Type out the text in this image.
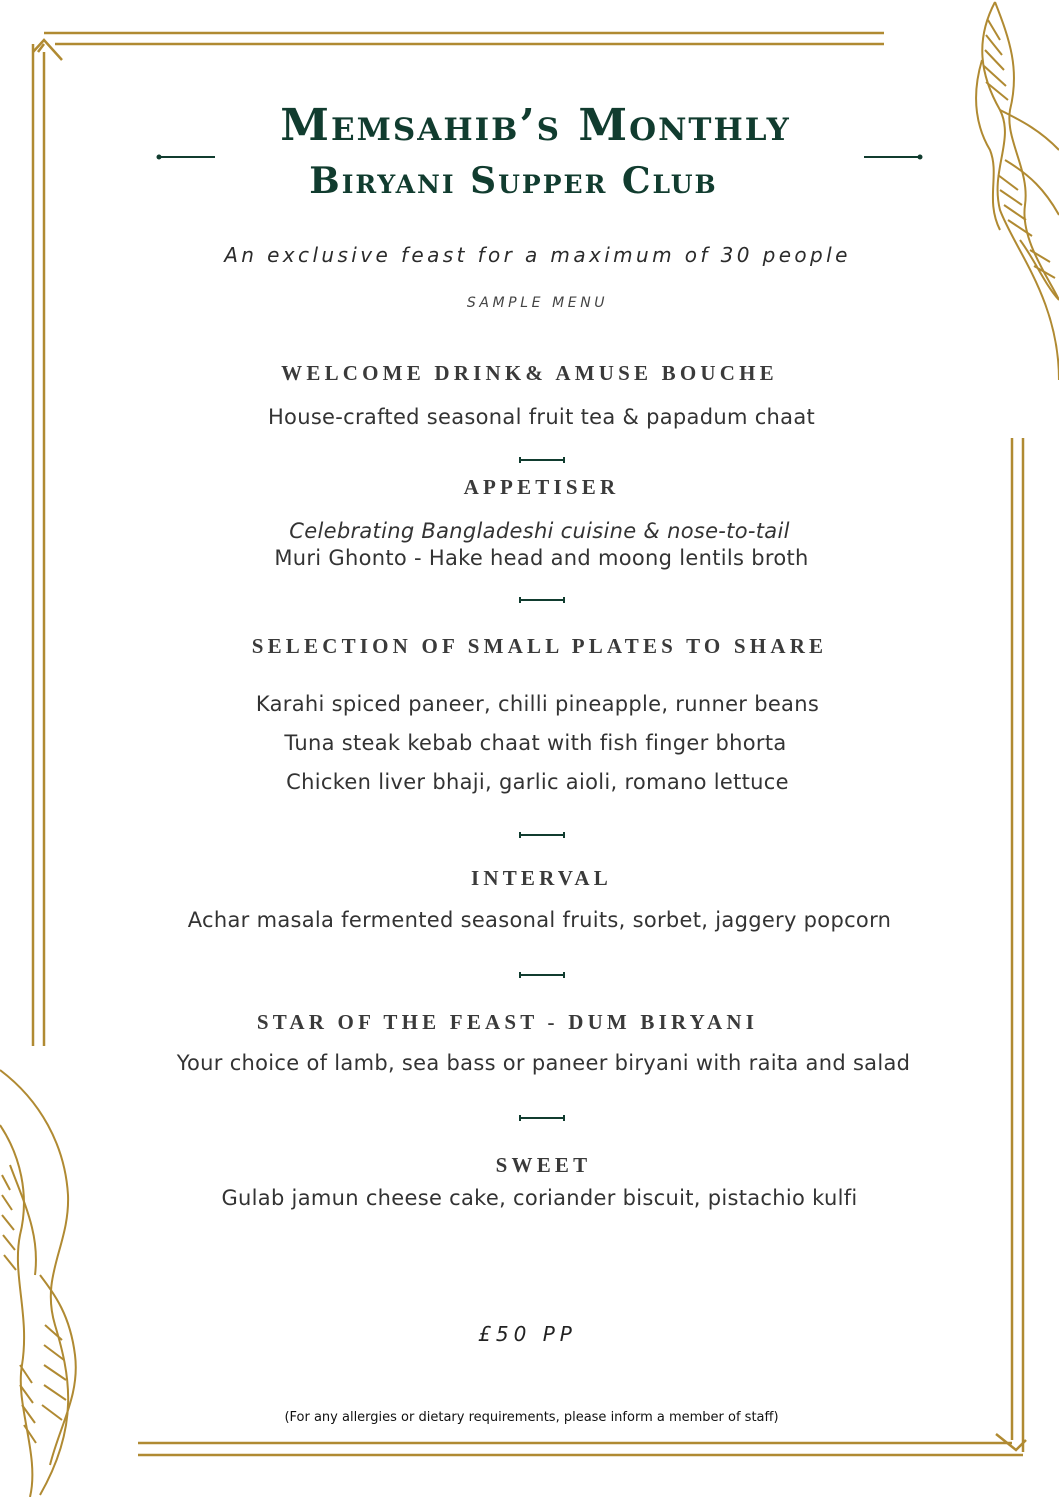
Memsahib’s Monthly
Biryani Supper Club
An exclusive feast for a maximum of 30 people
SAMPLE MENU
WELCOME DRINK& AMUSE BOUCHE
House-crafted seasonal fruit tea & papadum chaat
APPETISER
Celebrating Bangladeshi cuisine & nose-to-tail
Muri Ghonto - Hake head and moong lentils broth
SELECTION OF SMALL PLATES TO SHARE
Karahi spiced paneer, chilli pineapple, runner beans
Tuna steak kebab chaat with fish finger bhorta
Chicken liver bhaji, garlic aioli, romano lettuce
INTERVAL
Achar masala fermented seasonal fruits, sorbet, jaggery popcorn
STAR OF THE FEAST - DUM BIRYANI
Your choice of lamb, sea bass or paneer biryani with raita and salad
SWEET
Gulab jamun cheese cake, coriander biscuit, pistachio kulfi
£50 PP
(For any allergies or dietary requirements, please inform a member of staff)
